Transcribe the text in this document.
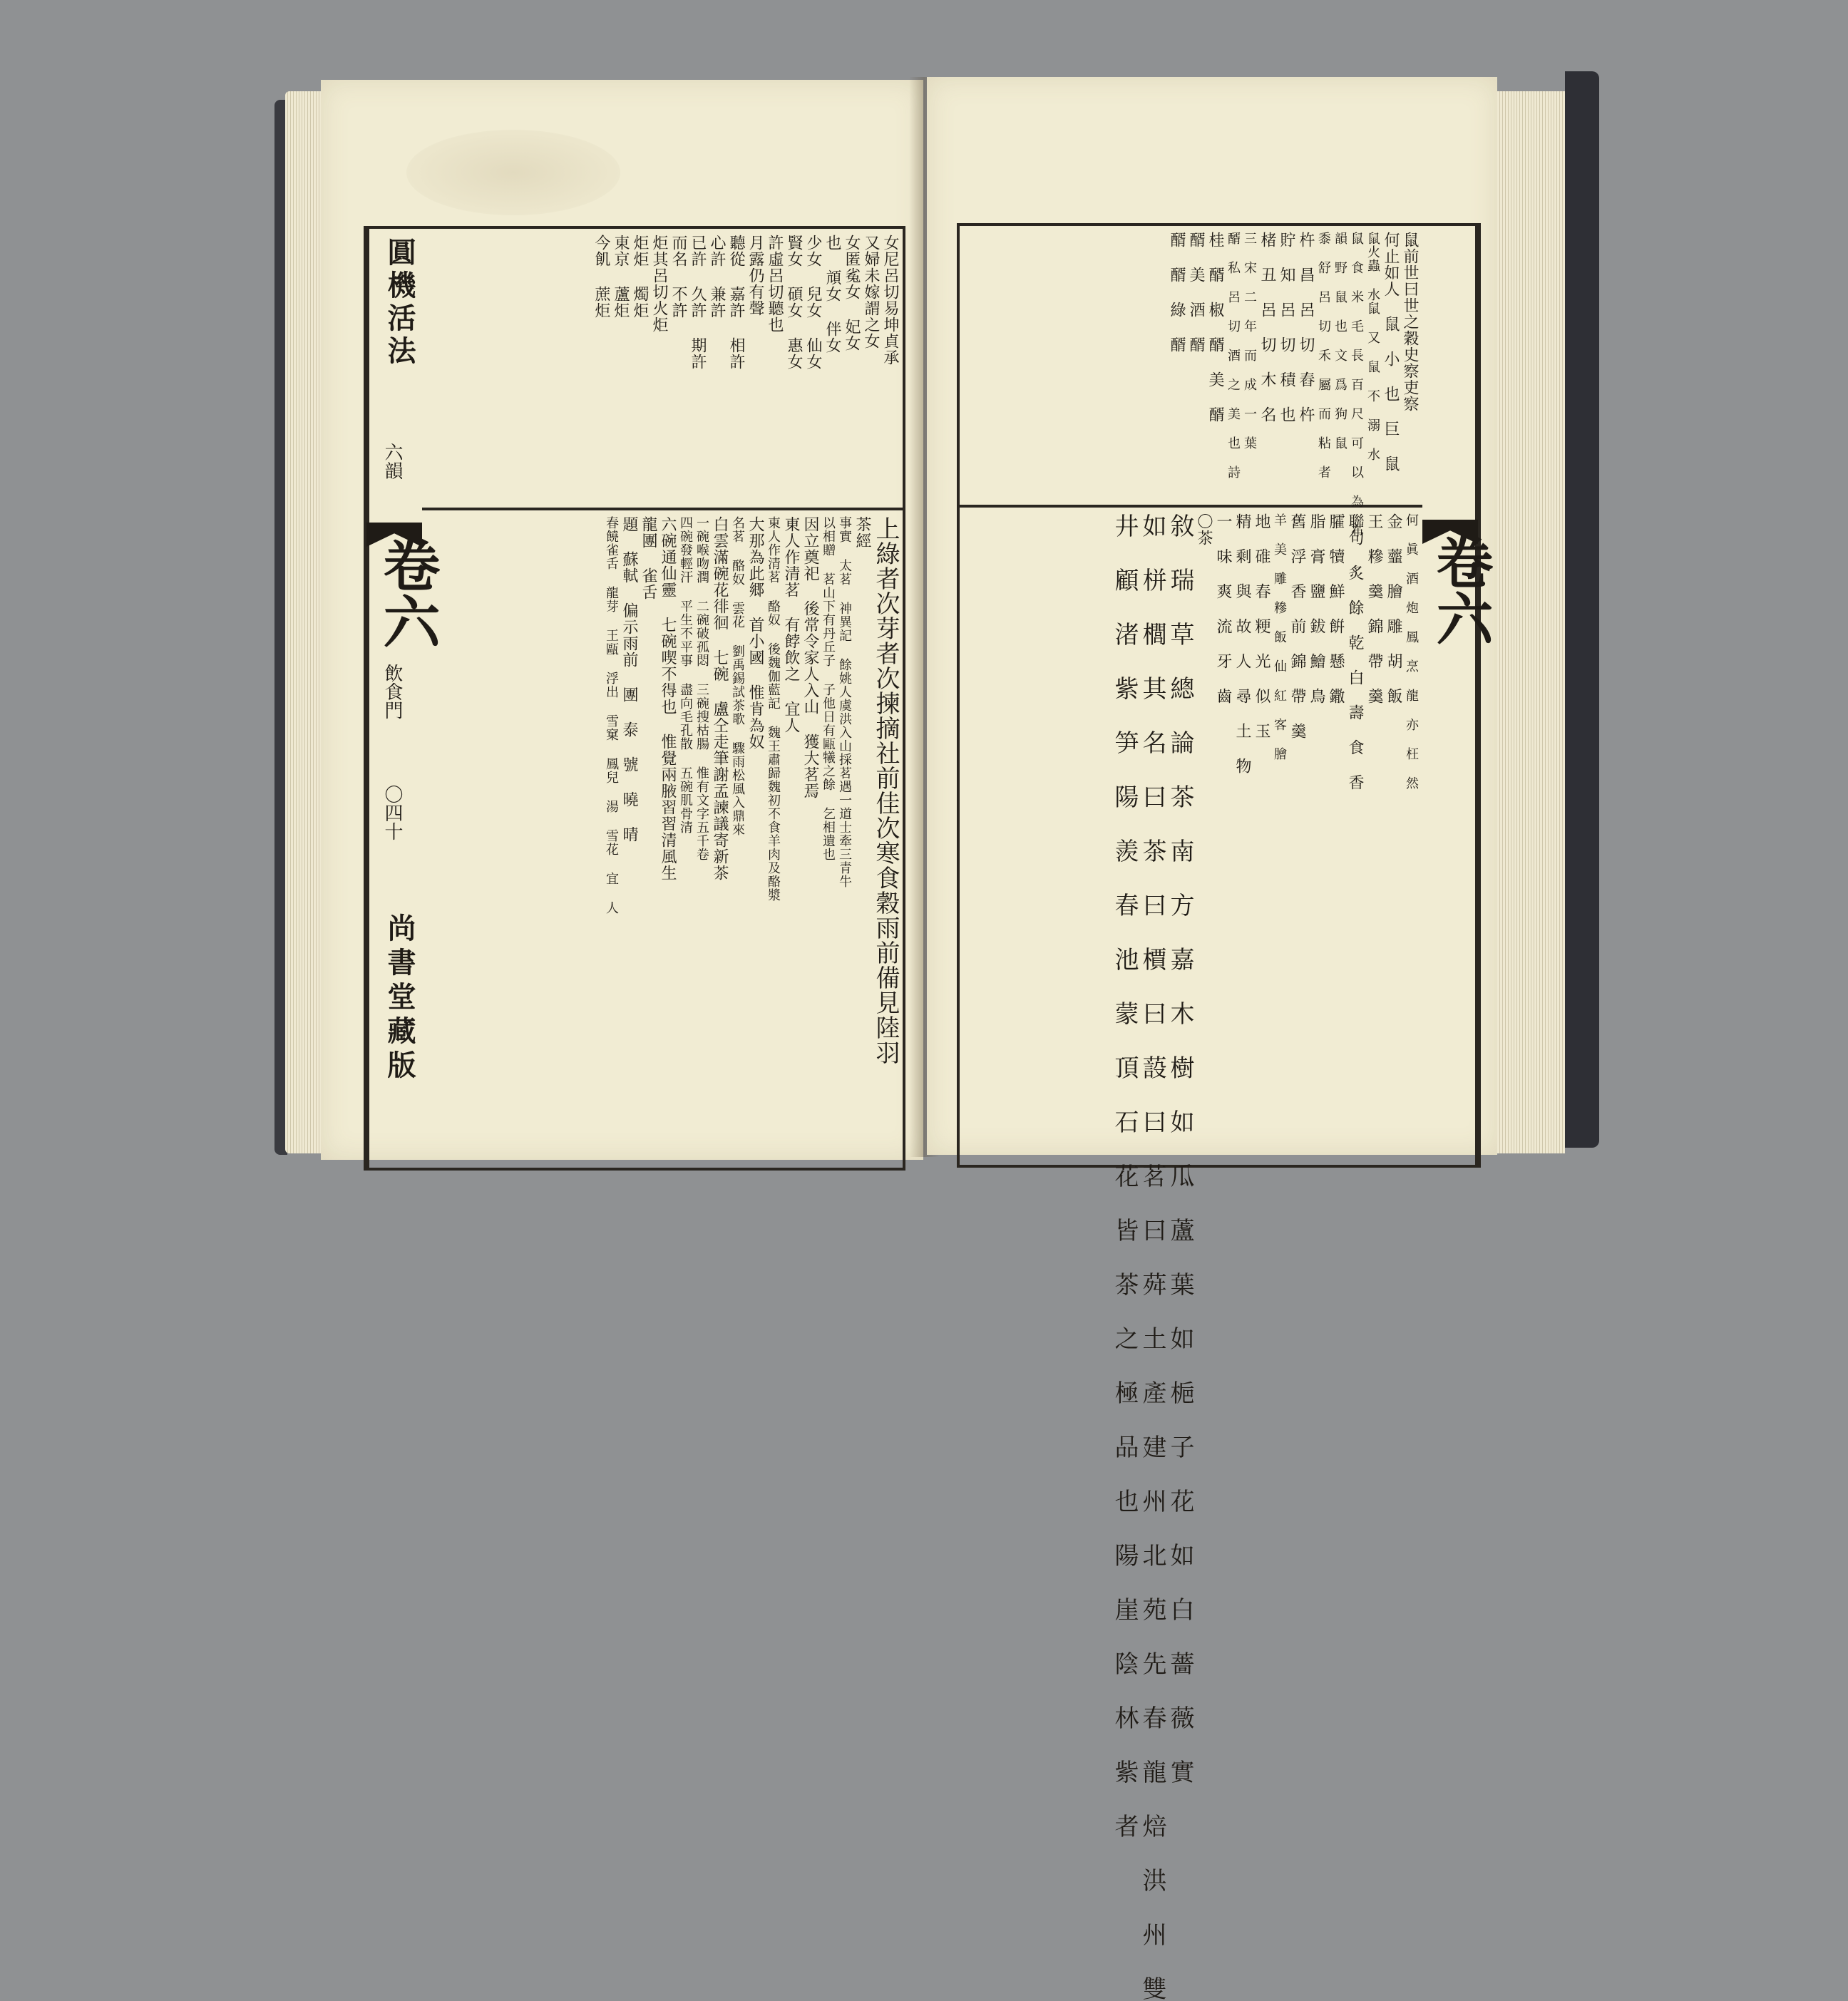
圓機活法
六韻
卷六
飲食門
〇四十
尚書堂藏版
女尼呂切易坤貞承
又婦未嫁謂之女
女匿㝹女 妃女
也 頏女 伴女
少女 兒女 仙女
賢女 碩女 惠女
許虛呂切聽也
月露仍有聲
聽從 嘉許 相許
心許 兼許
已許 久許 期許
而名 不許
炬其呂切火炬
炬炬 燭炬
東京 蘆炬
今飢 蔗炬
上綠者次芽者次揀摘社前佳次寒食穀雨前備見陸羽
茶經
事實 太茗 神異記 餘姚人虞洪入山採茗遇一道士牽三青牛
以相贈 茗山下有丹丘子 子他日有甌犧之餘 乞相遺也
因立奠祀 後常令家人入山 獲大茗焉
東人作清茗 有餑飲之 宜人
東人作清茗 酪奴 後魏伽藍記 魏王肅歸魏初不食羊肉及酪漿
大那為此郷 首小國 惟肯為奴
名茗 酪奴 雲花 劉禹錫試茶歌 驟雨松風入鼎來
白雲滿碗花徘徊 七碗 盧仝走筆謝孟諫議寄新茶
一碗喉吻潤 二碗破孤悶 三碗搜枯腸 惟有文字五千卷
四碗發輕汗 平生不平事 盡向毛孔散 五碗肌骨清
六碗通仙靈 七碗喫不得也 惟覺兩腋習習清風生
龍團 雀舌
題 蘇軾 偏示雨前 團 泰 號 曉 晴
春饒雀舌 龍芽 王甌 浮出 雪窠 鳳兒 湯 雪花 宜 人	卷六
鼠前世曰世之穀史察吏察
何止如人 鼠 小 也 巨 鼠
鼠火蟲 水鼠 又 鼠 不 溺 水
鼠 食 米 毛 長 百 尺 可 以 為 布
韻 野 鼠 也 文 爲 狗 鼠
黍 舒 呂 切 禾 屬 而 粘 者
杵 昌 呂 切 舂 杵
貯 知 呂 切 積 也
楮 丑 呂 切 木 名
三 宋 二 年 而 成 一 葉
醑 私 呂 切 酒 之 美 也 詩
桂 醑 椒 醑 美 醑
醑 美 酒 醑
醑 醑 綠 醑
何 眞 酒 炮 鳳 烹 龍 亦 枉 然
金 虀 膾 雕 胡 飯
王 糝 羹 錦 帶 羹
聯句 炙 餘 乾 白 壽 食 香
臛 犢 鮮 餠 懸 鏾
脂 膏 鹽 鈸 鱠 鳥
舊 浮 香 前 錦 帶 羹
羊 美 雕 糝 飯 仙 紅 客 膾
地 碓 春 粳 光 似 玉
精 剩 與 故 人 尋 土 物
一 味 爽 流 牙 齒
〇茶
敘 瑞 草 總 論 茶 南 方 嘉 木 樹 如 瓜 蘆 葉 如 梔 子 花 如 白 薔 薇 實
如 栟 櫚 其 名 曰 茶 曰 檟 曰 蔎 曰 茗 曰 荈 土 產 建 州 北 苑 先 春 龍 焙 洪 州 雙
井 顧 渚 紫 笋 陽 羨 春 池 蒙 頂 石 花 皆 茶 之 極 品 也 陽 崖 陰 林 紫 者
